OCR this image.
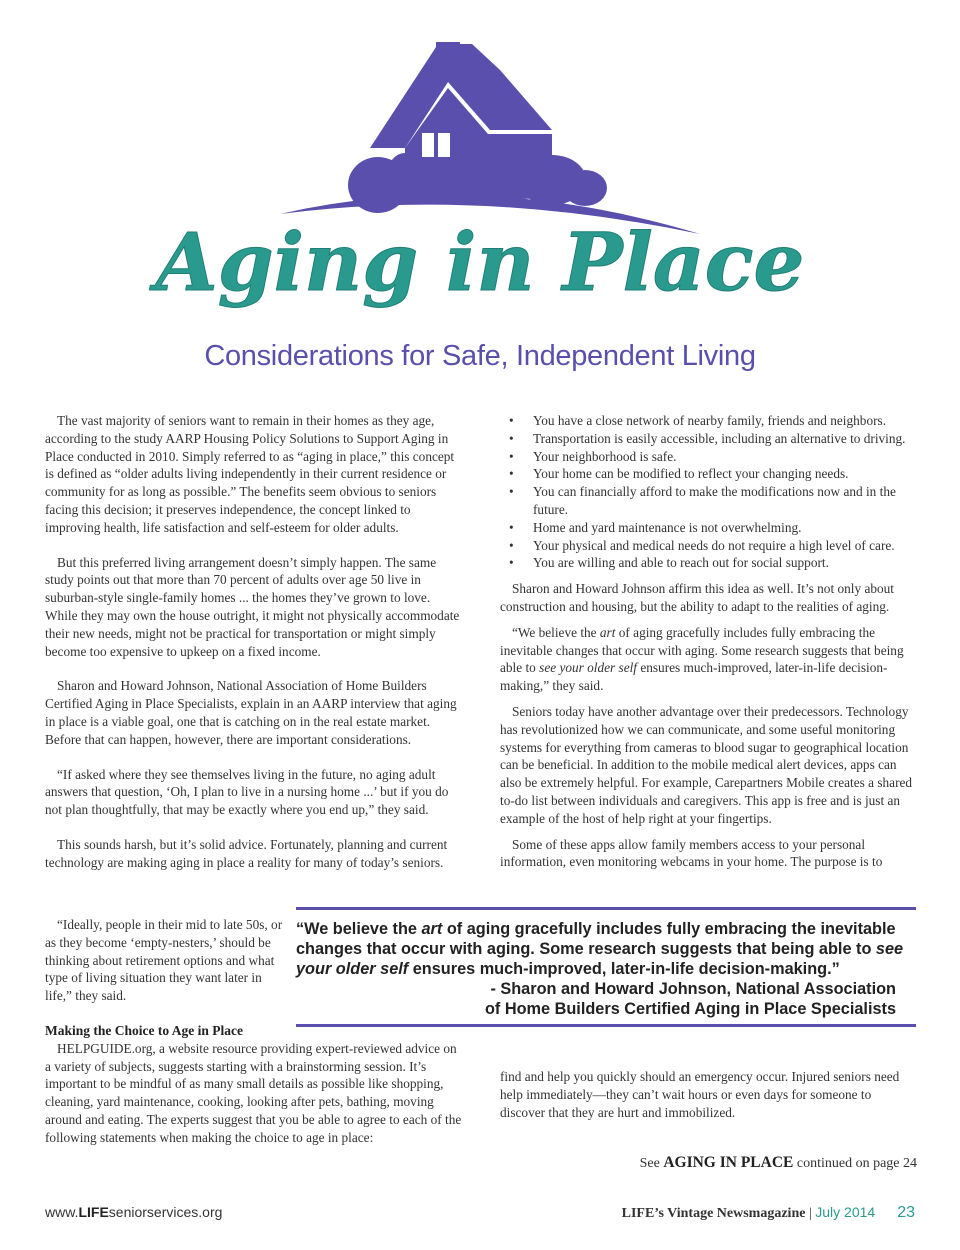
Aging in Place
Considerations for Safe, Independent Living

The vast majority of seniors want to remain in their homes as they age, according to the study AARP Housing Policy Solutions to Support Aging in Place conducted in 2010. Simply referred to as “aging in place,” this concept is defined as “older adults living independently in their current residence or community for as long as possible.” The benefits seem obvious to seniors facing this decision; it preserves independence, the concept linked to improving health, life satisfaction and self-esteem for older adults.

But this preferred living arrangement doesn’t simply happen. The same study points out that more than 70 percent of adults over age 50 live in suburban-style single-family homes ... the homes they’ve grown to love. While they may own the house outright, it might not physically accommodate their new needs, might not be practical for transportation or might simply become too expensive to upkeep on a fixed income.

Sharon and Howard Johnson, National Association of Home Builders Certified Aging in Place Specialists, explain in an AARP interview that aging in place is a viable goal, one that is catching on in the real estate market. Before that can happen, however, there are important considerations.

“If asked where they see themselves living in the future, no aging adult answers that question, ‘Oh, I plan to live in a nursing home ...’ but if you do not plan thoughtfully, that may be exactly where you end up,” they said.

This sounds harsh, but it’s solid advice. Fortunately, planning and current technology are making aging in place a reality for many of today’s seniors.

“Ideally, people in their mid to late 50s, or as they become ‘empty-nesters,’ should be thinking about retirement options and what type of living situation they want later in life,” they said.

Making the Choice to Age in Place

HELPGUIDE.org, a website resource providing expert-reviewed advice on a variety of subjects, suggests starting with a brainstorming session. It’s important to be mindful of as many small details as possible like shopping, cleaning, yard maintenance, cooking, looking after pets, bathing, moving around and eating. The experts suggest that you be able to agree to each of the following statements when making the choice to age in place:

• You have a close network of nearby family, friends and neighbors.
• Transportation is easily accessible, including an alternative to driving.
• Your neighborhood is safe.
• Your home can be modified to reflect your changing needs.
• You can financially afford to make the modifications now and in the future.
• Home and yard maintenance is not overwhelming.
• Your physical and medical needs do not require a high level of care.
• You are willing and able to reach out for social support.

Sharon and Howard Johnson affirm this idea as well. It’s not only about construction and housing, but the ability to adapt to the realities of aging.

“We believe the art of aging gracefully includes fully embracing the inevitable changes that occur with aging. Some research suggests that being able to see your older self ensures much-improved, later-in-life decision-making,” they said.

Seniors today have another advantage over their predecessors. Technology has revolutionized how we can communicate, and some useful monitoring systems for everything from cameras to blood sugar to geographical location can be beneficial. In addition to the mobile medical alert devices, apps can also be extremely helpful. For example, Carepartners Mobile creates a shared to-do list between individuals and caregivers. This app is free and is just an example of the host of help right at your fingertips.

Some of these apps allow family members access to your personal information, even monitoring webcams in your home. The purpose is to

“We believe the art of aging gracefully includes fully embracing the inevitable changes that occur with aging. Some research suggests that being able to see your older self ensures much-improved, later-in-life decision-making.”

- Sharon and Howard Johnson, National Association

of Home Builders Certified Aging in Place Specialists

find and help you quickly should an emergency occur. Injured seniors need help immediately—they can’t wait hours or even days for someone to discover that they are hurt and immobilized.

See AGING IN PLACE continued on page 24
www.LIFEseniorservices.org	LIFE’s Vintage Newsmagazine | July 2014 23
